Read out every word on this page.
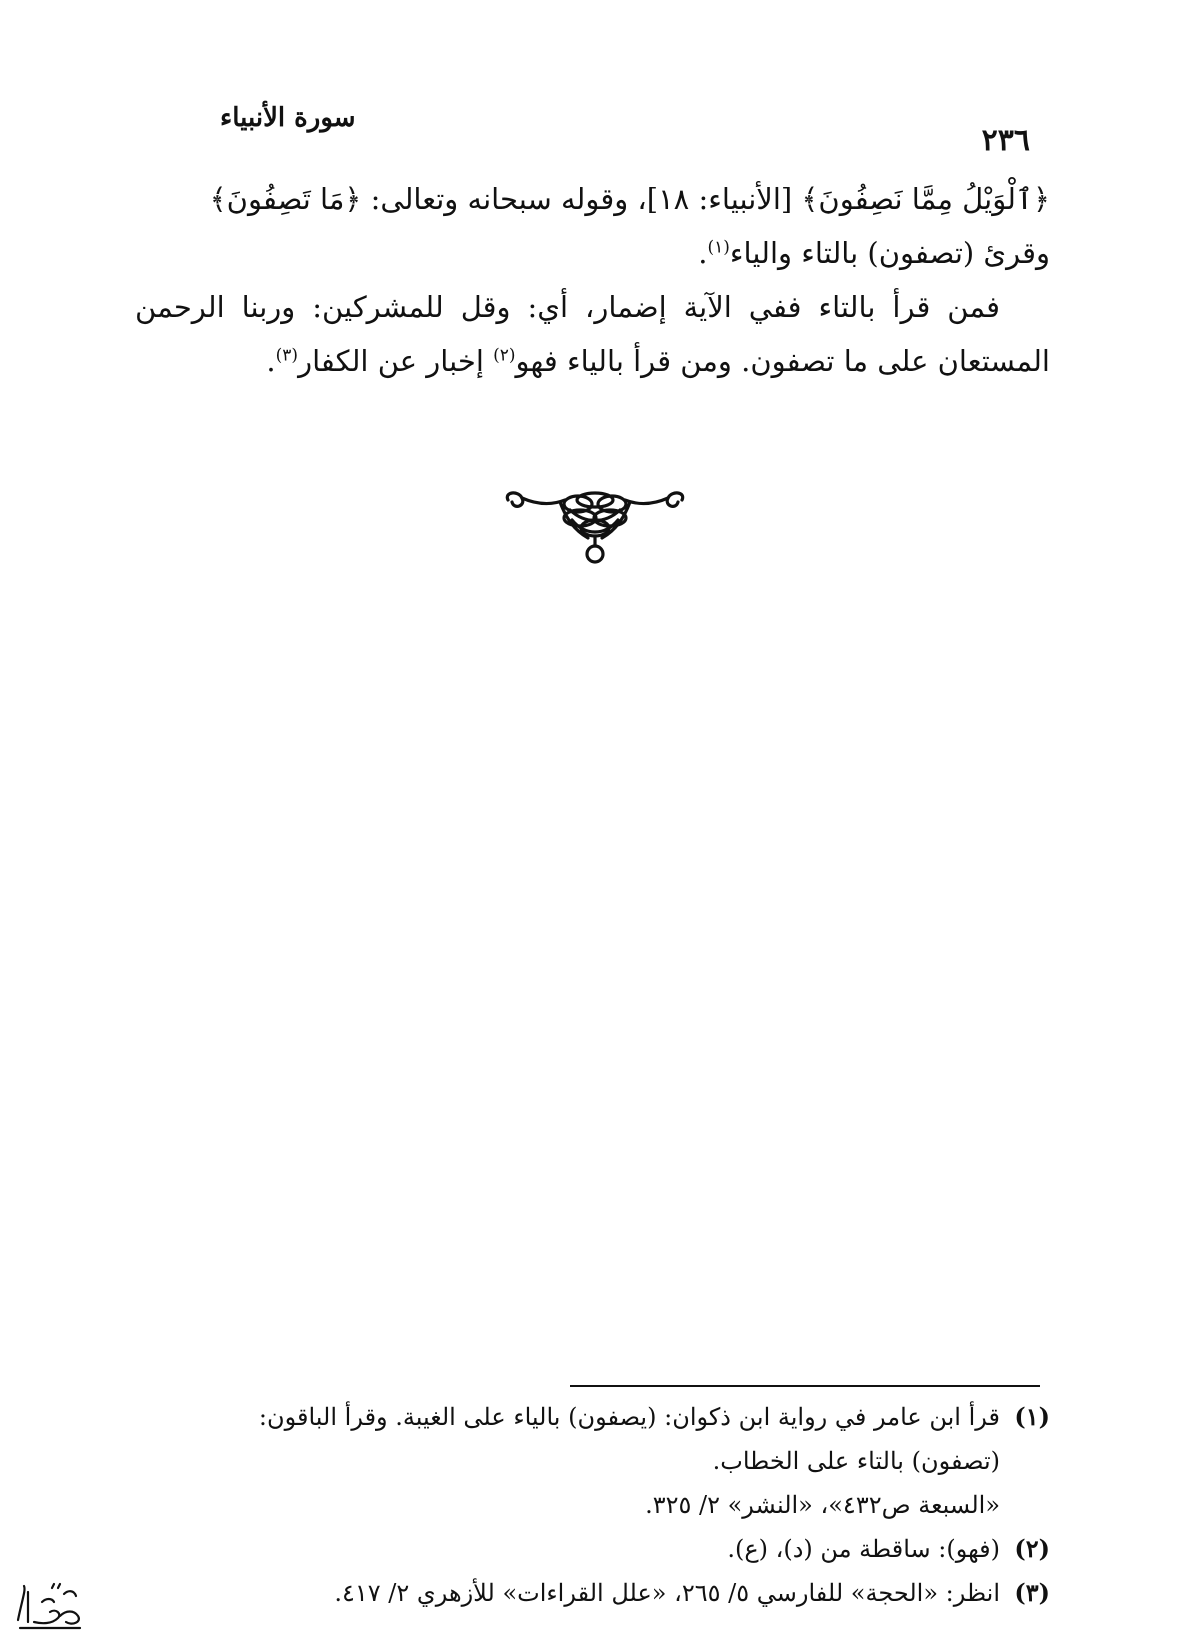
سورة الأنبياء
٢٣٦

﴿ٱلْوَيْلُ مِمَّا نَصِفُونَ﴾ [الأنبياء: ١٨]، وقوله سبحانه وتعالى: ﴿مَا تَصِفُونَ﴾
وقرئ (تصفون) بالتاء والياء$^{(١)}$.

فمن قرأ بالتاء ففي الآية إضمار، أي: وقل للمشركين: وربنا الرحمن المستعان على ما تصفون. ومن قرأ بالياء فهو$^{(٢)}$ إخبار عن الكفار$^{(٣)}$.

(١)
قرأ ابن عامر في رواية ابن ذكوان: (يصفون) بالياء على الغيبة. وقرأ الباقون:
(تصفون) بالتاء على الخطاب.
«السبعة ص٤٣٢»، «النشر» ٢/ ٣٢٥.
(٢)
(فهو): ساقطة من (د)، (ع).
(٣)
انظر: «الحجة» للفارسي ٥/ ٢٦٥، «علل القراءات» للأزهري ٢/ ٤١٧.
